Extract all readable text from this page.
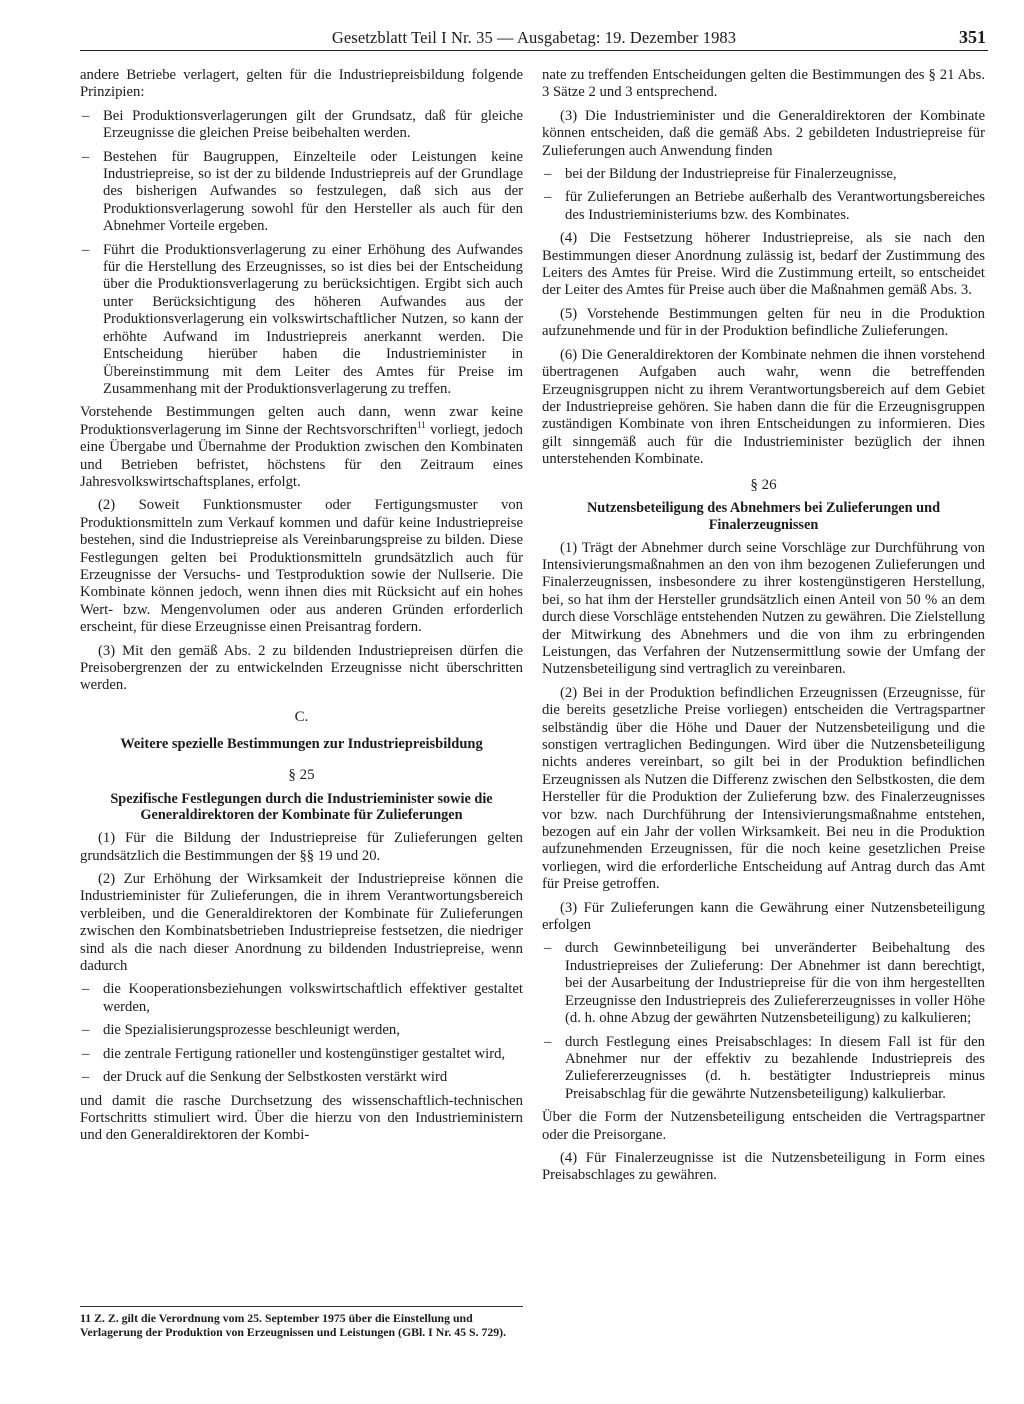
Gesetzblatt Teil I Nr. 35 — Ausgabetag: 19. Dezember 1983	351

andere Betriebe verlagert, gelten für die Industriepreisbildung folgende Prinzipien:

– Bei Produktionsverlagerungen gilt der Grundsatz, daß für gleiche Erzeugnisse die gleichen Preise beibehalten werden.
– Bestehen für Baugruppen, Einzelteile oder Leistungen keine Industriepreise, so ist der zu bildende Industriepreis auf der Grundlage des bisherigen Aufwandes so festzulegen, daß sich aus der Produktionsverlagerung sowohl für den Hersteller als auch für den Abnehmer Vorteile ergeben.
– Führt die Produktionsverlagerung zu einer Erhöhung des Aufwandes für die Herstellung des Erzeugnisses, so ist dies bei der Entscheidung über die Produktionsverlagerung zu berücksichtigen. Ergibt sich auch unter Berücksichtigung des höheren Aufwandes aus der Produktionsverlagerung ein volkswirtschaftlicher Nutzen, so kann der erhöhte Aufwand im Industriepreis anerkannt werden. Die Entscheidung hierüber haben die Industrieminister in Übereinstimmung mit dem Leiter des Amtes für Preise im Zusammenhang mit der Produktionsverlagerung zu treffen.

Vorstehende Bestimmungen gelten auch dann, wenn zwar keine Produktionsverlagerung im Sinne der Rechtsvorschriften$^{11}$ vorliegt, jedoch eine Übergabe und Übernahme der Produktion zwischen den Kombinaten und Betrieben befristet, höchstens für den Zeitraum eines Jahresvolkswirtschaftsplanes, erfolgt.

(2) Soweit Funktionsmuster oder Fertigungsmuster von Produktionsmitteln zum Verkauf kommen und dafür keine Industriepreise bestehen, sind die Industriepreise als Vereinbarungspreise zu bilden. Diese Festlegungen gelten bei Produktionsmitteln grundsätzlich auch für Erzeugnisse der Versuchs- und Testproduktion sowie der Nullserie. Die Kombinate können jedoch, wenn ihnen dies mit Rücksicht auf ein hohes Wert- bzw. Mengenvolumen oder aus anderen Gründen erforderlich erscheint, für diese Erzeugnisse einen Preisantrag fordern.

(3) Mit den gemäß Abs. 2 zu bildenden Industriepreisen dürfen die Preisobergrenzen der zu entwickelnden Erzeugnisse nicht überschritten werden.

C.
Weitere spezielle Bestimmungen zur Industriepreisbildung
§ 25
Spezifische Festlegungen durch die Industrieminister sowie die Generaldirektoren der Kombinate für Zulieferungen

(1) Für die Bildung der Industriepreise für Zulieferungen gelten grundsätzlich die Bestimmungen der §§ 19 und 20.

(2) Zur Erhöhung der Wirksamkeit der Industriepreise können die Industrieminister für Zulieferungen, die in ihrem Verantwortungsbereich verbleiben, und die Generaldirektoren der Kombinate für Zulieferungen zwischen den Kombinatsbetrieben Industriepreise festsetzen, die niedriger sind als die nach dieser Anordnung zu bildenden Industriepreise, wenn dadurch

– die Kooperationsbeziehungen volkswirtschaftlich effektiver gestaltet werden,
– die Spezialisierungsprozesse beschleunigt werden,
– die zentrale Fertigung rationeller und kostengünstiger gestaltet wird,
– der Druck auf die Senkung der Selbstkosten verstärkt wird

und damit die rasche Durchsetzung des wissenschaftlich-technischen Fortschritts stimuliert wird. Über die hierzu von den Industrieministern und den Generaldirektoren der Kombi-

11 Z. Z. gilt die Verordnung vom 25. September 1975 über die Einstellung und Verlagerung der Produktion von Erzeugnissen und Leistungen (GBl. I Nr. 45 S. 729).

nate zu treffenden Entscheidungen gelten die Bestimmungen des § 21 Abs. 3 Sätze 2 und 3 entsprechend.

(3) Die Industrieminister und die Generaldirektoren der Kombinate können entscheiden, daß die gemäß Abs. 2 gebildeten Industriepreise für Zulieferungen auch Anwendung finden

– bei der Bildung der Industriepreise für Finalerzeugnisse,
– für Zulieferungen an Betriebe außerhalb des Verantwortungsbereiches des Industrieministeriums bzw. des Kombinates.

(4) Die Festsetzung höherer Industriepreise, als sie nach den Bestimmungen dieser Anordnung zulässig ist, bedarf der Zustimmung des Leiters des Amtes für Preise. Wird die Zustimmung erteilt, so entscheidet der Leiter des Amtes für Preise auch über die Maßnahmen gemäß Abs. 3.

(5) Vorstehende Bestimmungen gelten für neu in die Produktion aufzunehmende und für in der Produktion befindliche Zulieferungen.

(6) Die Generaldirektoren der Kombinate nehmen die ihnen vorstehend übertragenen Aufgaben auch wahr, wenn die betreffenden Erzeugnisgruppen nicht zu ihrem Verantwortungsbereich auf dem Gebiet der Industriepreise gehören. Sie haben dann die für die Erzeugnisgruppen zuständigen Kombinate von ihren Entscheidungen zu informieren. Dies gilt sinngemäß auch für die Industrieminister bezüglich der ihnen unterstehenden Kombinate.

§ 26
Nutzensbeteiligung des Abnehmers bei Zulieferungen und Finalerzeugnissen

(1) Trägt der Abnehmer durch seine Vorschläge zur Durchführung von Intensivierungsmaßnahmen an den von ihm bezogenen Zulieferungen und Finalerzeugnissen, insbesondere zu ihrer kostengünstigeren Herstellung, bei, so hat ihm der Hersteller grundsätzlich einen Anteil von 50 % an dem durch diese Vorschläge entstehenden Nutzen zu gewähren. Die Zielstellung der Mitwirkung des Abnehmers und die von ihm zu erbringenden Leistungen, das Verfahren der Nutzensermittlung sowie der Umfang der Nutzensbeteiligung sind vertraglich zu vereinbaren.

(2) Bei in der Produktion befindlichen Erzeugnissen (Erzeugnisse, für die bereits gesetzliche Preise vorliegen) entscheiden die Vertragspartner selbständig über die Höhe und Dauer der Nutzensbeteiligung und die sonstigen vertraglichen Bedingungen. Wird über die Nutzensbeteiligung nichts anderes vereinbart, so gilt bei in der Produktion befindlichen Erzeugnissen als Nutzen die Differenz zwischen den Selbstkosten, die dem Hersteller für die Produktion der Zulieferung bzw. des Finalerzeugnisses vor bzw. nach Durchführung der Intensivierungsmaßnahme entstehen, bezogen auf ein Jahr der vollen Wirksamkeit. Bei neu in die Produktion aufzunehmenden Erzeugnissen, für die noch keine gesetzlichen Preise vorliegen, wird die erforderliche Entscheidung auf Antrag durch das Amt für Preise getroffen.

(3) Für Zulieferungen kann die Gewährung einer Nutzensbeteiligung erfolgen

– durch Gewinnbeteiligung bei unveränderter Beibehaltung des Industriepreises der Zulieferung: Der Abnehmer ist dann berechtigt, bei der Ausarbeitung der Industriepreise für die von ihm hergestellten Erzeugnisse den Industriepreis des Zuliefererzeugnisses in voller Höhe (d. h. ohne Abzug der gewährten Nutzensbeteiligung) zu kalkulieren;
– durch Festlegung eines Preisabschlages: In diesem Fall ist für den Abnehmer nur der effektiv zu bezahlende Industriepreis des Zuliefererzeugnisses (d. h. bestätigter Industriepreis minus Preisabschlag für die gewährte Nutzensbeteiligung) kalkulierbar.

Über die Form der Nutzensbeteiligung entscheiden die Vertragspartner oder die Preisorgane.

(4) Für Finalerzeugnisse ist die Nutzensbeteiligung in Form eines Preisabschlages zu gewähren.
